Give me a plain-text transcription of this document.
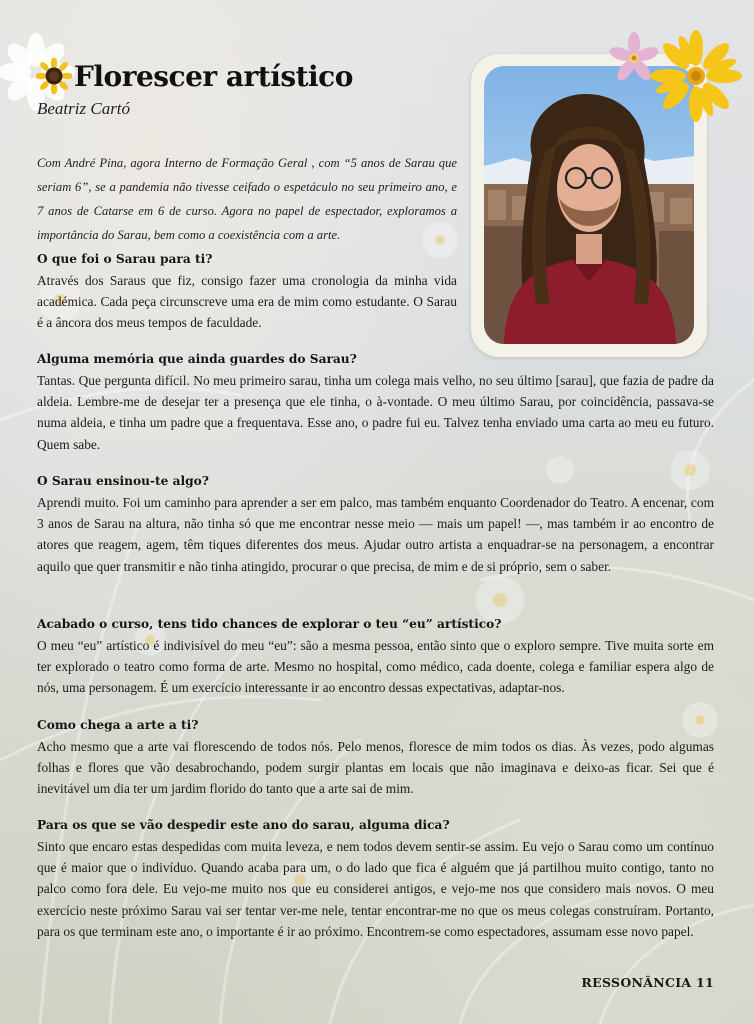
Florescer artístico
Beatriz Cartó

Com André Pina, agora Interno de Formação Geral , com “5 anos de Sarau que seriam 6”, se a pandemia não tivesse ceifado o espetáculo no seu primeiro ano, e 7 anos de Catarse em 6 de curso. Agora no papel de espectador, exploramos a importância do Sarau, bem como a coexistência com a arte.

O que foi o Sarau para ti?

Através dos Saraus que fiz, consigo fazer uma cronologia da minha vida académica. Cada peça circunscreve uma era de mim como estudante. O Sarau é a âncora dos meus tempos de faculdade.

Alguma memória que ainda guardes do Sarau?

Tantas. Que pergunta difícil. No meu primeiro sarau, tinha um colega mais velho, no seu último [sarau], que fazia de padre da aldeia. Lembre-me de desejar ter a presença que ele tinha, o à-vontade. O meu último Sarau, por coincidência, passava-se numa aldeia, e tinha um padre que a frequentava. Esse ano, o padre fui eu. Talvez tenha enviado uma carta ao meu eu futuro. Quem sabe.

O Sarau ensinou-te algo?

Aprendi muito. Foi um caminho para aprender a ser em palco, mas também enquanto Coordenador do Teatro. A encenar, com 3 anos de Sarau na altura, não tinha só que me encontrar nesse meio — mais um papel! —, mas também ir ao encontro de atores que reagem, agem, têm tiques diferentes dos meus. Ajudar outro artista a enquadrar-se na personagem, a encontrar aquilo que quer transmitir e não tinha atingido, procurar o que precisa, de mim e de si próprio, sem o saber.

Acabado o curso, tens tido chances de explorar o teu “eu” artístico?

O meu “eu” artístico é indivisível do meu “eu”: são a mesma pessoa, então sinto que o exploro sempre. Tive muita sorte em ter explorado o teatro como forma de arte. Mesmo no hospital, como médico, cada doente, colega e familiar espera algo de nós, uma personagem. É um exercício interessante ir ao encontro dessas expectativas, adaptar-nos.

Como chega a arte a ti?

Acho mesmo que a arte vai florescendo de todos nós. Pelo menos, floresce de mim todos os dias. Às vezes, podo algumas folhas e flores que vão desabrochando, podem surgir plantas em locais que não imaginava e deixo-as ficar. Sei que é inevitável um dia ter um jardim florido do tanto que a arte sai de mim.

Para os que se vão despedir este ano do sarau, alguma dica?

Sinto que encaro estas despedidas com muita leveza, e nem todos devem sentir-se assim. Eu vejo o Sarau como um contínuo que é maior que o indivíduo. Quando acaba para um, o do lado que fica é alguém que já partilhou muito contigo, tanto no palco como fora dele. Eu vejo-me muito nos que eu considerei antigos, e vejo-me nos que considero mais novos. O meu exercício neste próximo Sarau vai ser tentar ver-me nele, tentar encontrar-me no que os meus colegas construíram. Portanto, para os que terminam este ano, o importante é ir ao próximo. Encontrem-se como espectadores, assumam esse novo papel.

RESSONÂNCIA 11
